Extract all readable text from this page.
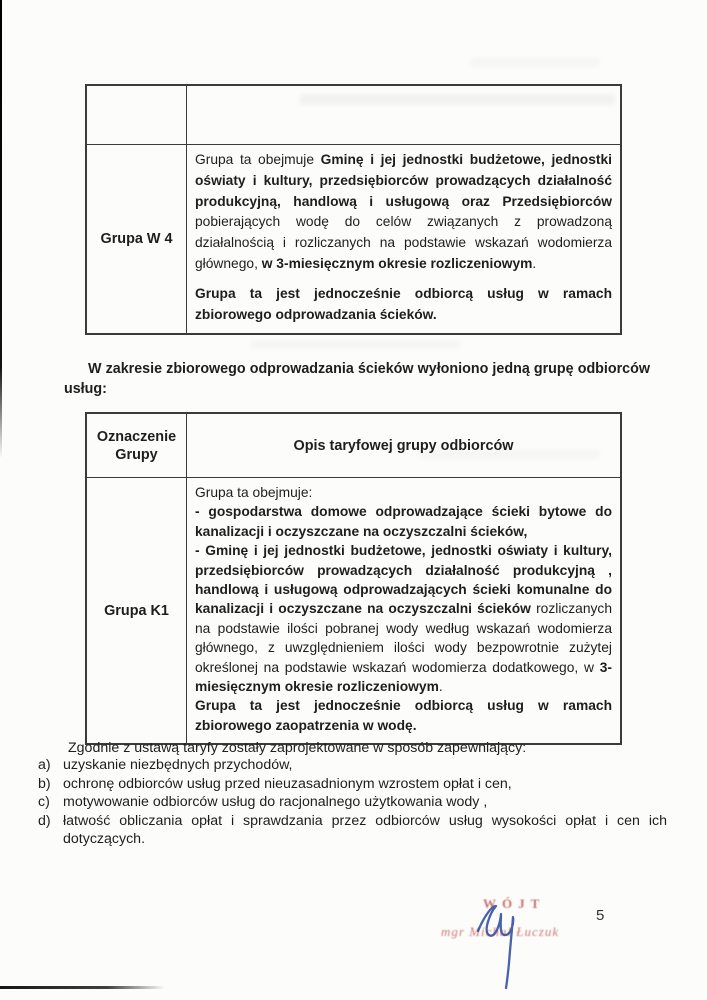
Grupa W 4

Grupa ta obejmuje Gminę i jej jednostki budżetowe, jednostki oświaty i kultury, przedsiębiorców prowadzących działalność produkcyjną, handlową i usługową oraz Przedsiębiorców pobierających wodę do celów związanych z prowadzoną działalnością i rozliczanych na podstawie wskazań wodomierza głównego, w 3-miesięcznym okresie rozliczeniowym.

Grupa ta jest jednocześnie odbiorcą usług w ramach zbiorowego odprowadzania ścieków.

W zakresie zbiorowego odprowadzania ścieków wyłoniono jedną grupę odbiorców usług:

Oznaczenie Grupy
Opis taryfowej grupy odbiorców
Grupa K1

Grupa ta obejmuje:

- gospodarstwa domowe odprowadzające ścieki bytowe do kanalizacji i oczyszczane na oczyszczalni ścieków,

- Gminę i jej jednostki budżetowe, jednostki oświaty i kultury, przedsiębiorców prowadzących działalność produkcyjną , handlową i usługową odprowadzających ścieki komunalne do kanalizacji i oczyszczane na oczyszczalni ścieków rozliczanych na podstawie ilości pobranej wody według wskazań wodomierza głównego, z uwzględnieniem ilości wody bezpowrotnie zużytej określonej na podstawie wskazań wodomierza dodatkowego, w 3-miesięcznym okresie rozliczeniowym.

Grupa ta jest jednocześnie odbiorcą usług w ramach zbiorowego zaopatrzenia w wodę.

Zgodnie z ustawą taryfy zostały zaprojektowane w sposób zapewniający:

a) uzyskanie niezbędnych przychodów,
b) ochronę odbiorców usług przed nieuzasadnionym wzrostem opłat i cen,
c) motywowanie odbiorców usług do racjonalnego użytkowania wody ,
d) łatwość obliczania opłat i sprawdzania przez odbiorców usług wysokości opłat i cen ich dotyczących.
WÓJT
mgr Michał Łuczuk
5
